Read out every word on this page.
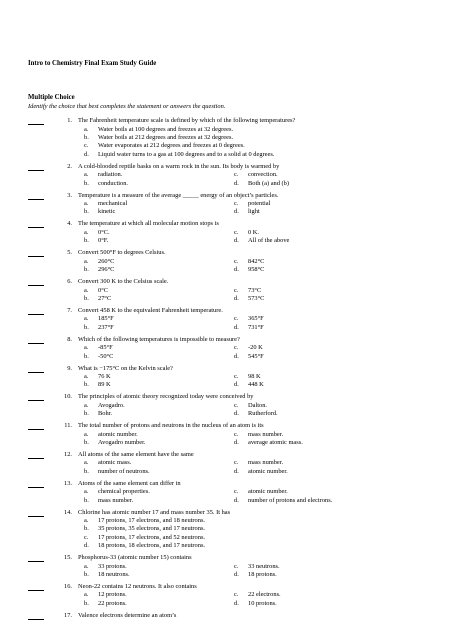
Intro to Chemistry Final Exam Study Guide
Multiple Choice
Identify the choice that best completes the statement or answers the question.
1. The Fahrenheit temperature scale is defined by which of the following temperatures?
a.	Water boils at 100 degrees and freezes at 32 degrees.
b.	Water boils at 212 degrees and freezes at 32 degrees.
c.	Water evaporates at 212 degrees and freezes at 0 degrees.
d.	Liquid water turns to a gas at 100 degrees and to a solid at 0 degrees.
2. A cold-blooded reptile basks on a warm rock in the sun. Its body is warmed by
a.	radiation.	c.	convection.
b.	conduction.	d.	Both (a) and (b)
3. Temperature is a measure of the average _____ energy of an object’s particles.
a.	mechanical	c.	potential
b.	kinetic	d.	light
4. The temperature at which all molecular motion stops is
a.	0°C.	c.	0 K.
b.	0°F.	d.	All of the above
5. Convert 500°F to degrees Celsius.
a.	260°C	c.	842°C
b.	296°C	d.	958°C
6. Convert 300 K to the Celsius scale.
a.	0°C	c.	73°C
b.	27°C	d.	573°C
7. Convert 458 K to the equivalent Fahrenheit temperature.
a.	185°F	c.	365°F
b.	237°F	d.	731°F
8. Which of the following temperatures is impossible to measure?
a.	-85°F	c.	-20 K
b.	-50°C	d.	545°F
9. What is −175°C on the Kelvin scale?
a.	76 K	c.	98 K
b.	89 K	d.	448 K
10. The principles of atomic theory recognized today were conceived by
a.	Avogadro.	c.	Dalton.
b.	Bohr.	d.	Rutherford.
11. The total number of protons and neutrons in the nucleus of an atom is its
a.	atomic number.	c.	mass number.
b.	Avogadro number.	d.	average atomic mass.
12. All atoms of the same element have the same
a.	atomic mass.	c.	mass number.
b.	number of neutrons.	d.	atomic number.
13. Atoms of the same element can differ in
a.	chemical properties.	c.	atomic number.
b.	mass number.	d.	number of protons and electrons.
14. Chlorine has atomic number 17 and mass number 35. It has
a.	17 protons, 17 electrons, and 18 neutrons.
b.	35 protons, 35 electrons, and 17 neutrons.
c.	17 protons, 17 electrons, and 52 neutrons.
d.	18 protons, 18 electrons, and 17 neutrons.
15. Phosphorus-33 (atomic number 15) contains
a.	33 protons.	c.	33 neutrons.
b.	18 neutrons.	d.	18 protons.
16. Neon-22 contains 12 neutrons. It also contains
a.	12 protons.	c.	22 electrons.
b.	22 protons.	d.	10 protons.
17. Valence electrons determine an atom’s
